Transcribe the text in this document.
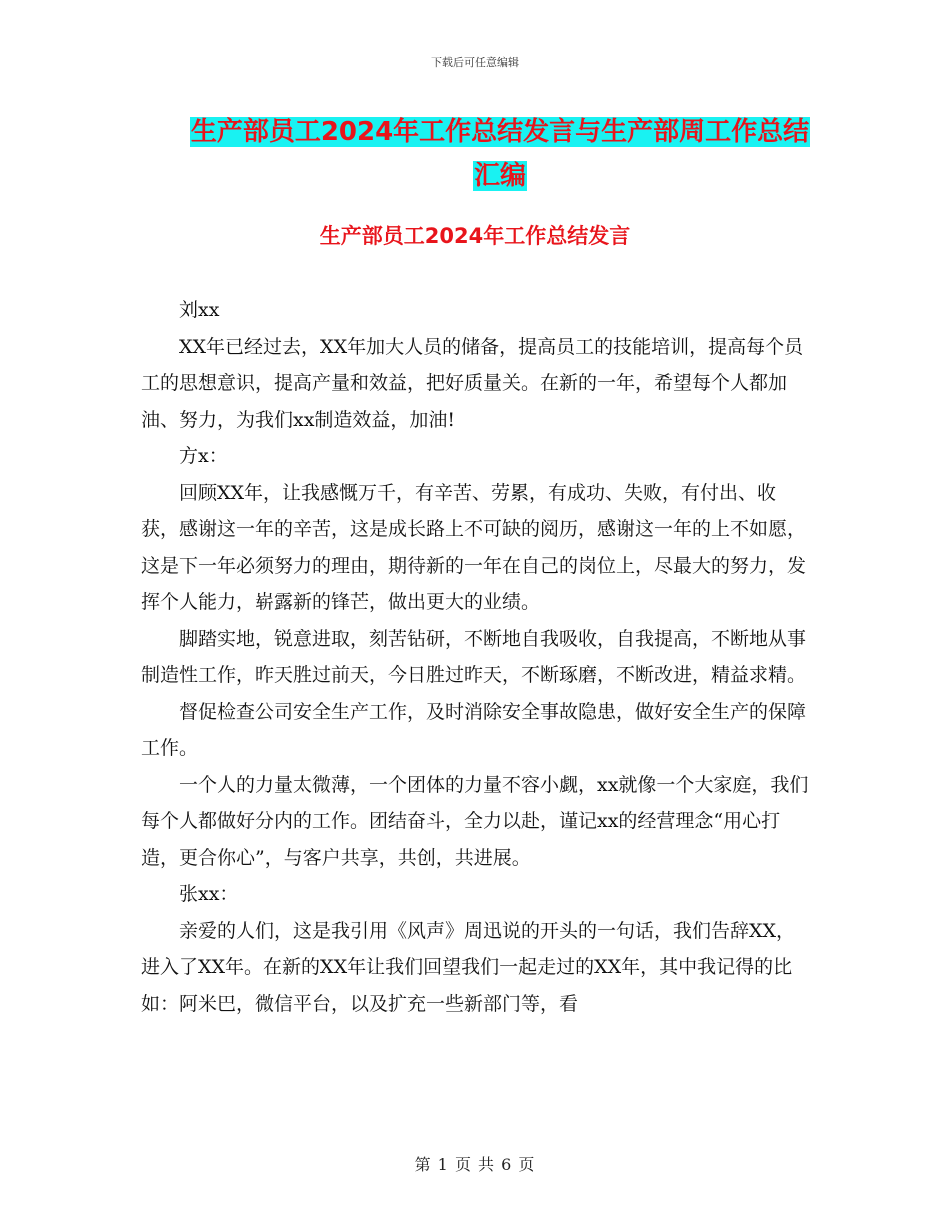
下载后可任意编辑
生产部员工2024年工作总结发言与生产部周工作总结
汇编
生产部员工2024年工作总结发言

刘xx

XX年已经过去，XX年加大人员的储备，提高员工的技能培训，提高每个员工的思想意识，提高产量和效益，把好质量关。在新的一年，希望每个人都加油、努力，为我们xx制造效益，加油!

方x：

回顾XX年，让我感慨万千，有辛苦、劳累，有成功、失败，有付出、收获，感谢这一年的辛苦，这是成长路上不可缺的阅历，感谢这一年的上不如愿，这是下一年必须努力的理由，期待新的一年在自己的岗位上，尽最大的努力，发挥个人能力，崭露新的锋芒，做出更大的业绩。

脚踏实地，锐意进取，刻苦钻研，不断地自我吸收，自我提高，不断地从事制造性工作，昨天胜过前天，今日胜过昨天，不断琢磨，不断改进，精益求精。

督促检查公司安全生产工作，及时消除安全事故隐患，做好安全生产的保障工作。

一个人的力量太微薄，一个团体的力量不容小觑，xx就像一个大家庭，我们每个人都做好分内的工作。团结奋斗，全力以赴，谨记xx的经营理念“用心打造，更合你心”，与客户共享，共创，共进展。

张xx：

亲爱的人们，这是我引用《风声》周迅说的开头的一句话，我们告辞XX，进入了XX年。在新的XX年让我们回望我们一起走过的XX年，其中我记得的比如：阿米巴，微信平台，以及扩充一些新部门等，看

第 1 页 共 6 页
